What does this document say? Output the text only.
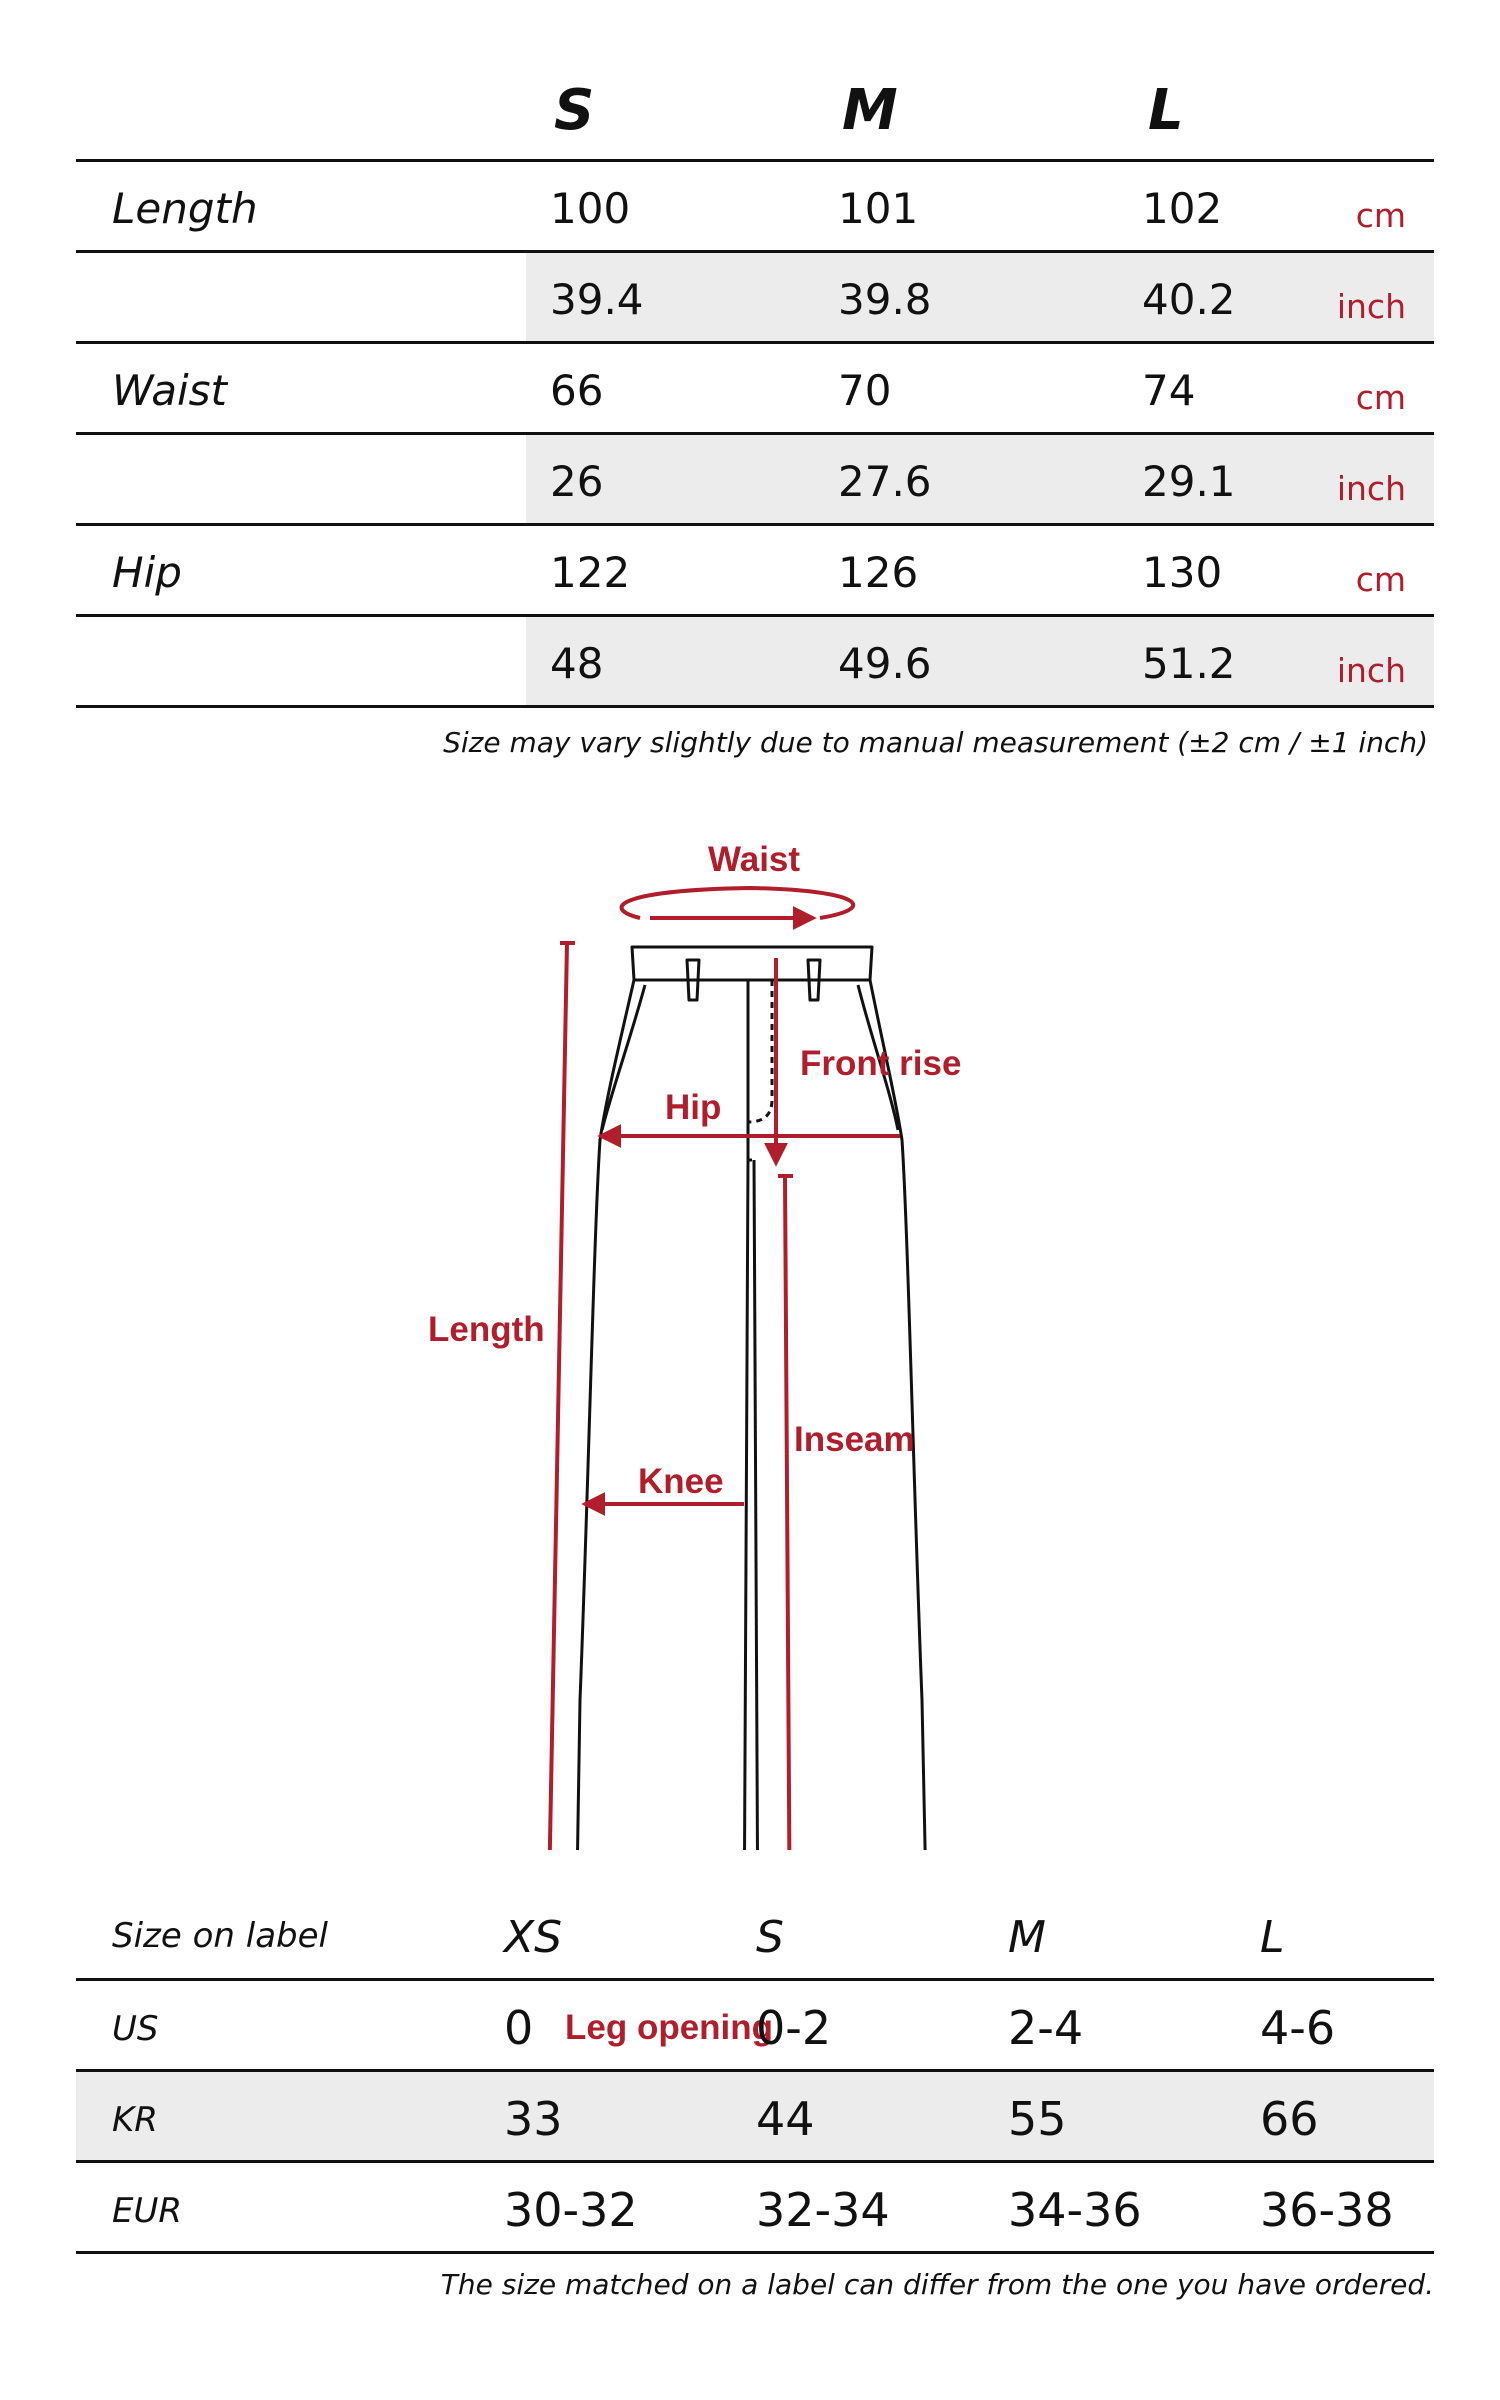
S	M	L
Length	100	101	102	cm
39.4	39.8	40.2	inch
Waist	66	70	74	cm
26	27.6	29.1	inch
Hip	122	126	130	cm
48	49.6	51.2	inch
Size may vary slightly due to manual measurement (±2 cm / ±1 inch)
Waist
Front rise
Hip
Length
Inseam
Knee
Leg opening
Size on label	XS	S	M	L
US	0	0-2	2-4	4-6
KR	33	44	55	66
EUR	30-32	32-34	34-36	36-38
The size matched on a label can differ from the one you have ordered.
